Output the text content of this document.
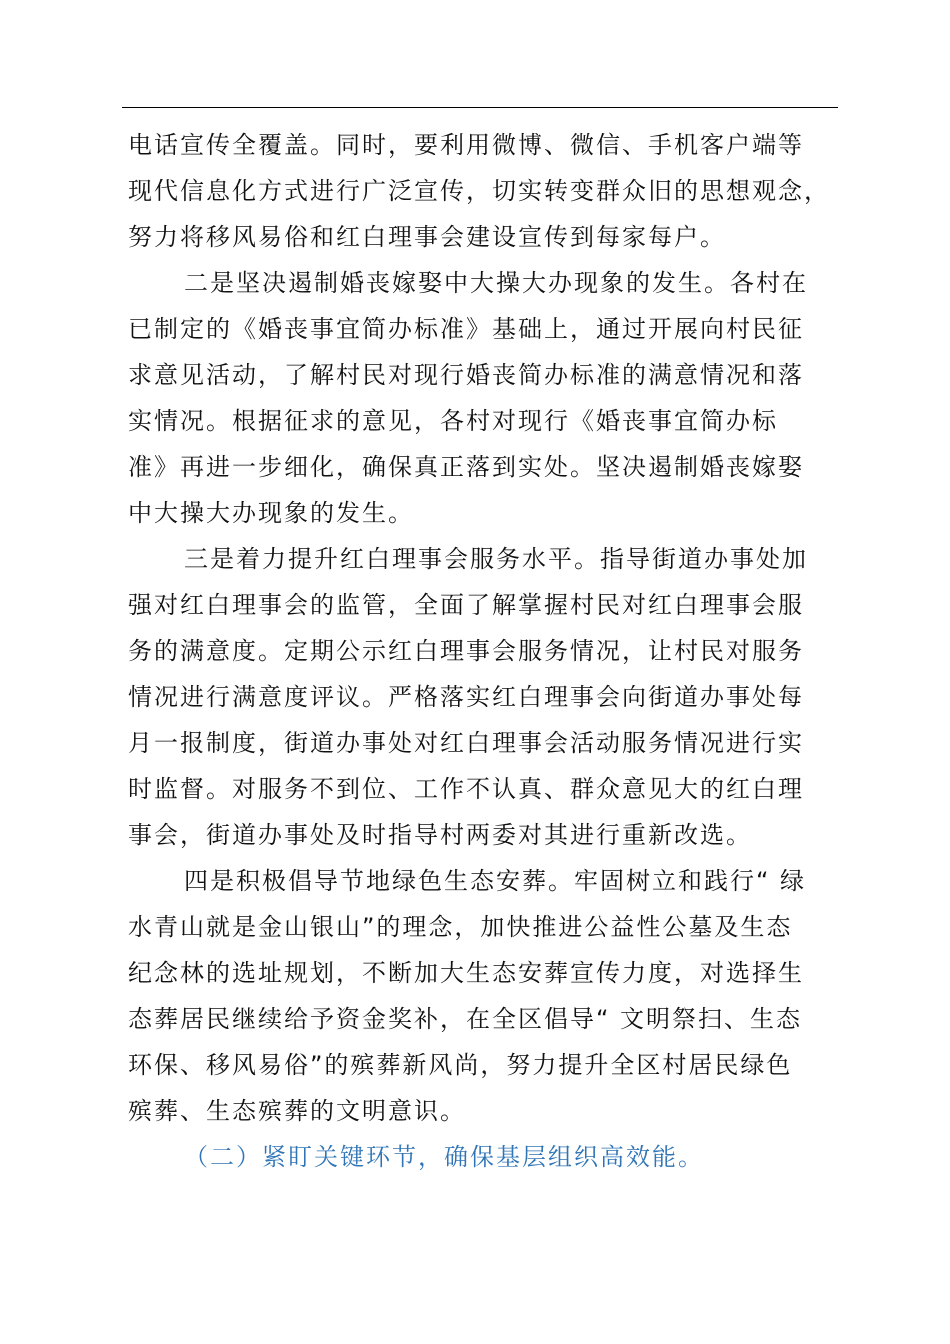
电话宣传全覆盖。同时，要利用微博、微信、手机客户端等
现代信息化方式进行广泛宣传，切实转变群众旧的思想观念，
努力将移风易俗和红白理事会建设宣传到每家每户。
二是坚决遏制婚丧嫁娶中大操大办现象的发生。各村在
已制定的《婚丧事宜简办标准》基础上，通过开展向村民征
求意见活动，了解村民对现行婚丧简办标准的满意情况和落
实情况。根据征求的意见，各村对现行《婚丧事宜简办标
准》再进一步细化，确保真正落到实处。坚决遏制婚丧嫁娶
中大操大办现象的发生。
三是着力提升红白理事会服务水平。指导街道办事处加
强对红白理事会的监管，全面了解掌握村民对红白理事会服
务的满意度。定期公示红白理事会服务情况，让村民对服务
情况进行满意度评议。严格落实红白理事会向街道办事处每
月一报制度，街道办事处对红白理事会活动服务情况进行实
时监督。对服务不到位、工作不认真、群众意见大的红白理
事会，街道办事处及时指导村两委对其进行重新改选。
四是积极倡导节地绿色生态安葬。牢固树立和践行“ 绿
水青山就是金山银山”的理念，加快推进公益性公墓及生态
纪念林的选址规划，不断加大生态安葬宣传力度，对选择生
态葬居民继续给予资金奖补，在全区倡导“ 文明祭扫、生态
环保、移风易俗”的殡葬新风尚，努力提升全区村居民绿色
殡葬、生态殡葬的文明意识。
（二）紧盯关键环节，确保基层组织高效能。
